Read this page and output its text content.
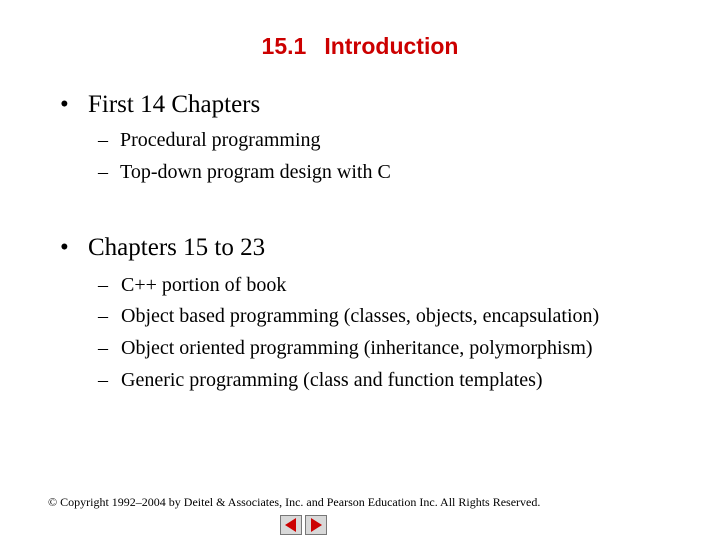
15.1 Introduction
• First 14 Chapters
– Procedural programming
– Top-down program design with C
• Chapters 15 to 23
– C++ portion of book
– Object based programming (classes, objects, encapsulation)
– Object oriented programming (inheritance, polymorphism)
– Generic programming (class and function templates)
© Copyright 1992–2004 by Deitel & Associates, Inc. and Pearson Education Inc. All Rights Reserved.
